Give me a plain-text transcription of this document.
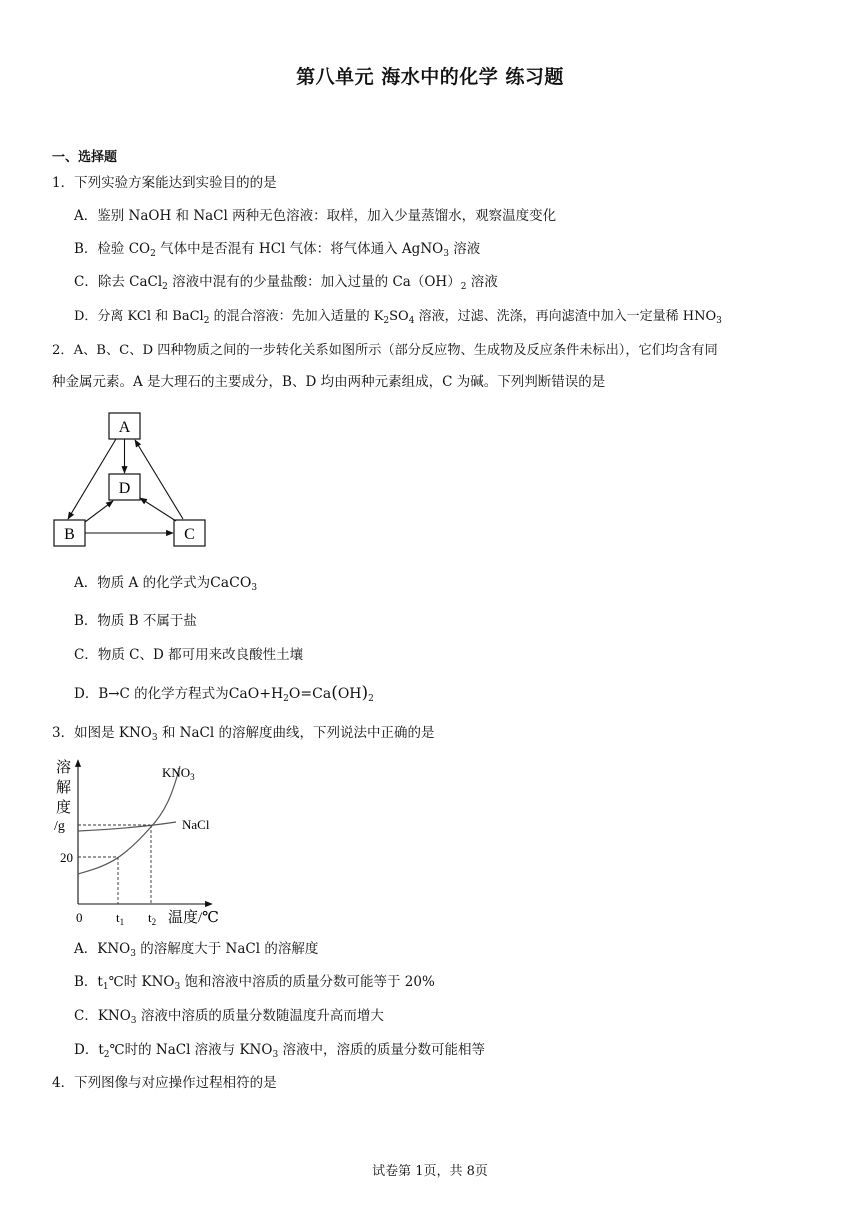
第八单元 海水中的化学 练习题
一、选择题
1．下列实验方案能达到实验目的的是
A．鉴别 NaOH 和 NaCl 两种无色溶液：取样，加入少量蒸馏水，观察温度变化
B．检验 $CO_2$ 气体中是否混有 HCl 气体：将气体通入 AgNO$_3$ 溶液
C．除去 CaCl$_2$ 溶液中混有的少量盐酸：加入过量的 $Ca(OH)_2$ 溶液
D．分离 KCl 和 BaCl$_2$ 的混合溶液：先加入适量的 $K_2SO_4$ 溶液，过滤、洗涤，再向滤渣中加入一定量稀 $HNO_3$
2．A、B、C、D 四种物质之间的一步转化关系如图所示（部分反应物、生成物及反应条件未标出），它们均含有同
种金属元素。A 是大理石的主要成分，B、D 均由两种元素组成，C 为碱。下列判断错误的是
A
D
B	C
A．物质 A 的化学式为CaCO$_3$
B．物质 B 不属于盐
C．物质 C、D 都可用来改良酸性土壤
D．B→C 的化学方程式为$CaO+H_2O=Ca(OH)_2$
3．如图是 $KNO_3$ 和 NaCl 的溶解度曲线，下列说法中正确的是
溶
解
度
/g
$KNO_3$
NaCl
20
0	$t_1$ $t_2$ 温度/℃
A．$KNO_3$ 的溶解度大于 NaCl 的溶解度
B．$t_1℃$时 $KNO_3$ 饱和溶液中溶质的质量分数可能等于 20%
C．$KNO_3$ 溶液中溶质的质量分数随温度升高而增大
D．$t_2℃$时的 NaCl 溶液与 $KNO_3$ 溶液中，溶质的质量分数可能相等
4．下列图像与对应操作过程相符的是
试卷第 1页，共 8页
